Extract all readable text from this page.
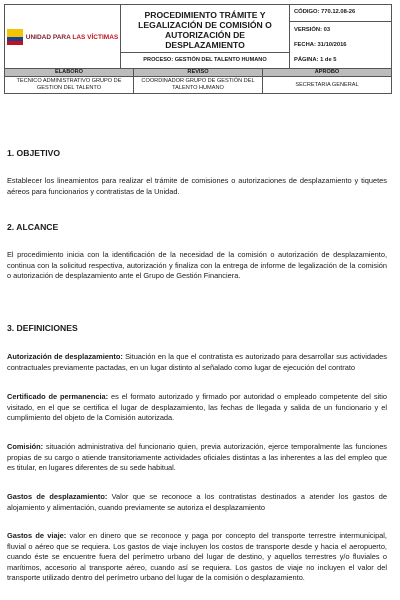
UNIDAD PARA LAS VÍCTIMAS

PROCEDIMIENTO TRÁMITE Y LEGALIZACIÓN DE COMISIÓN O AUTORIZACIÓN DE DESPLAZAMIENTO
PROCESO: GESTIÓN DEL TALENTO HUMANO

CÓDIGO: 770.12.08-26

VERSIÓN: 03
FECHA: 31/10/2016
PÁGINA: 1 de 5
ELABORO	REVISO	APROBO
TECNICO ADMINISTRATIVO GRUPO DE GESTION DEL TALENTO	COORDINADOR GRUPO DE GESTIÓN DEL TALENTO HUMANO	SECRETARIA GENERAL
1. OBJETIVO

Establecer los lineamientos para realizar el trámite de comisiones o autorizaciones de desplazamiento y tiquetes aéreos para funcionarios y contratistas de la Unidad.

2. ALCANCE

El procedimiento inicia con la identificación de la necesidad de la comisión o autorización de desplazamiento, continua con la solicitud respectiva, autorización y finaliza con la entrega de informe de legalización de la comisión o autorización de desplazamiento ante el Grupo de Gestión Financiera.

3. DEFINICIONES

Autorización de desplazamiento: Situación en la que el contratista es autorizado para desarrollar sus actividades contractuales previamente pactadas, en un lugar distinto al señalado como lugar de ejecución del contrato

Certificado de permanencia: es el formato autorizado y firmado por autoridad o empleado competente del sitio visitado, en el que se certifica el lugar de desplazamiento, las fechas de llegada y salida de un funcionario y el cumplimiento del objeto de la Comisión autorizada.

Comisión: situación administrativa del funcionario quien, previa autorización, ejerce temporalmente las funciones propias de su cargo o atiende transitoriamente actividades oficiales distintas a las inherentes a las del empleo que es titular, en lugares diferentes de su sede habitual.

Gastos de desplazamiento: Valor que se reconoce a los contratistas destinados a atender los gastos de alojamiento y alimentación, cuando previamente se autoriza el desplazamiento

Gastos de viaje: valor en dinero que se reconoce y paga por concepto del transporte terrestre intermunicipal, fluvial o aéreo que se requiera. Los gastos de viaje incluyen los costos de transporte desde y hacia el aeropuerto, cuando éste se encuentre fuera del perímetro urbano del lugar de destino, y aquellos terrestres y/o fluviales o marítimos, accesorio al transporte aéreo, cuando así se requiera. Los gastos de viaje no incluyen el valor del transporte utilizado dentro del perímetro urbano del lugar de la comisión o desplazamiento.
